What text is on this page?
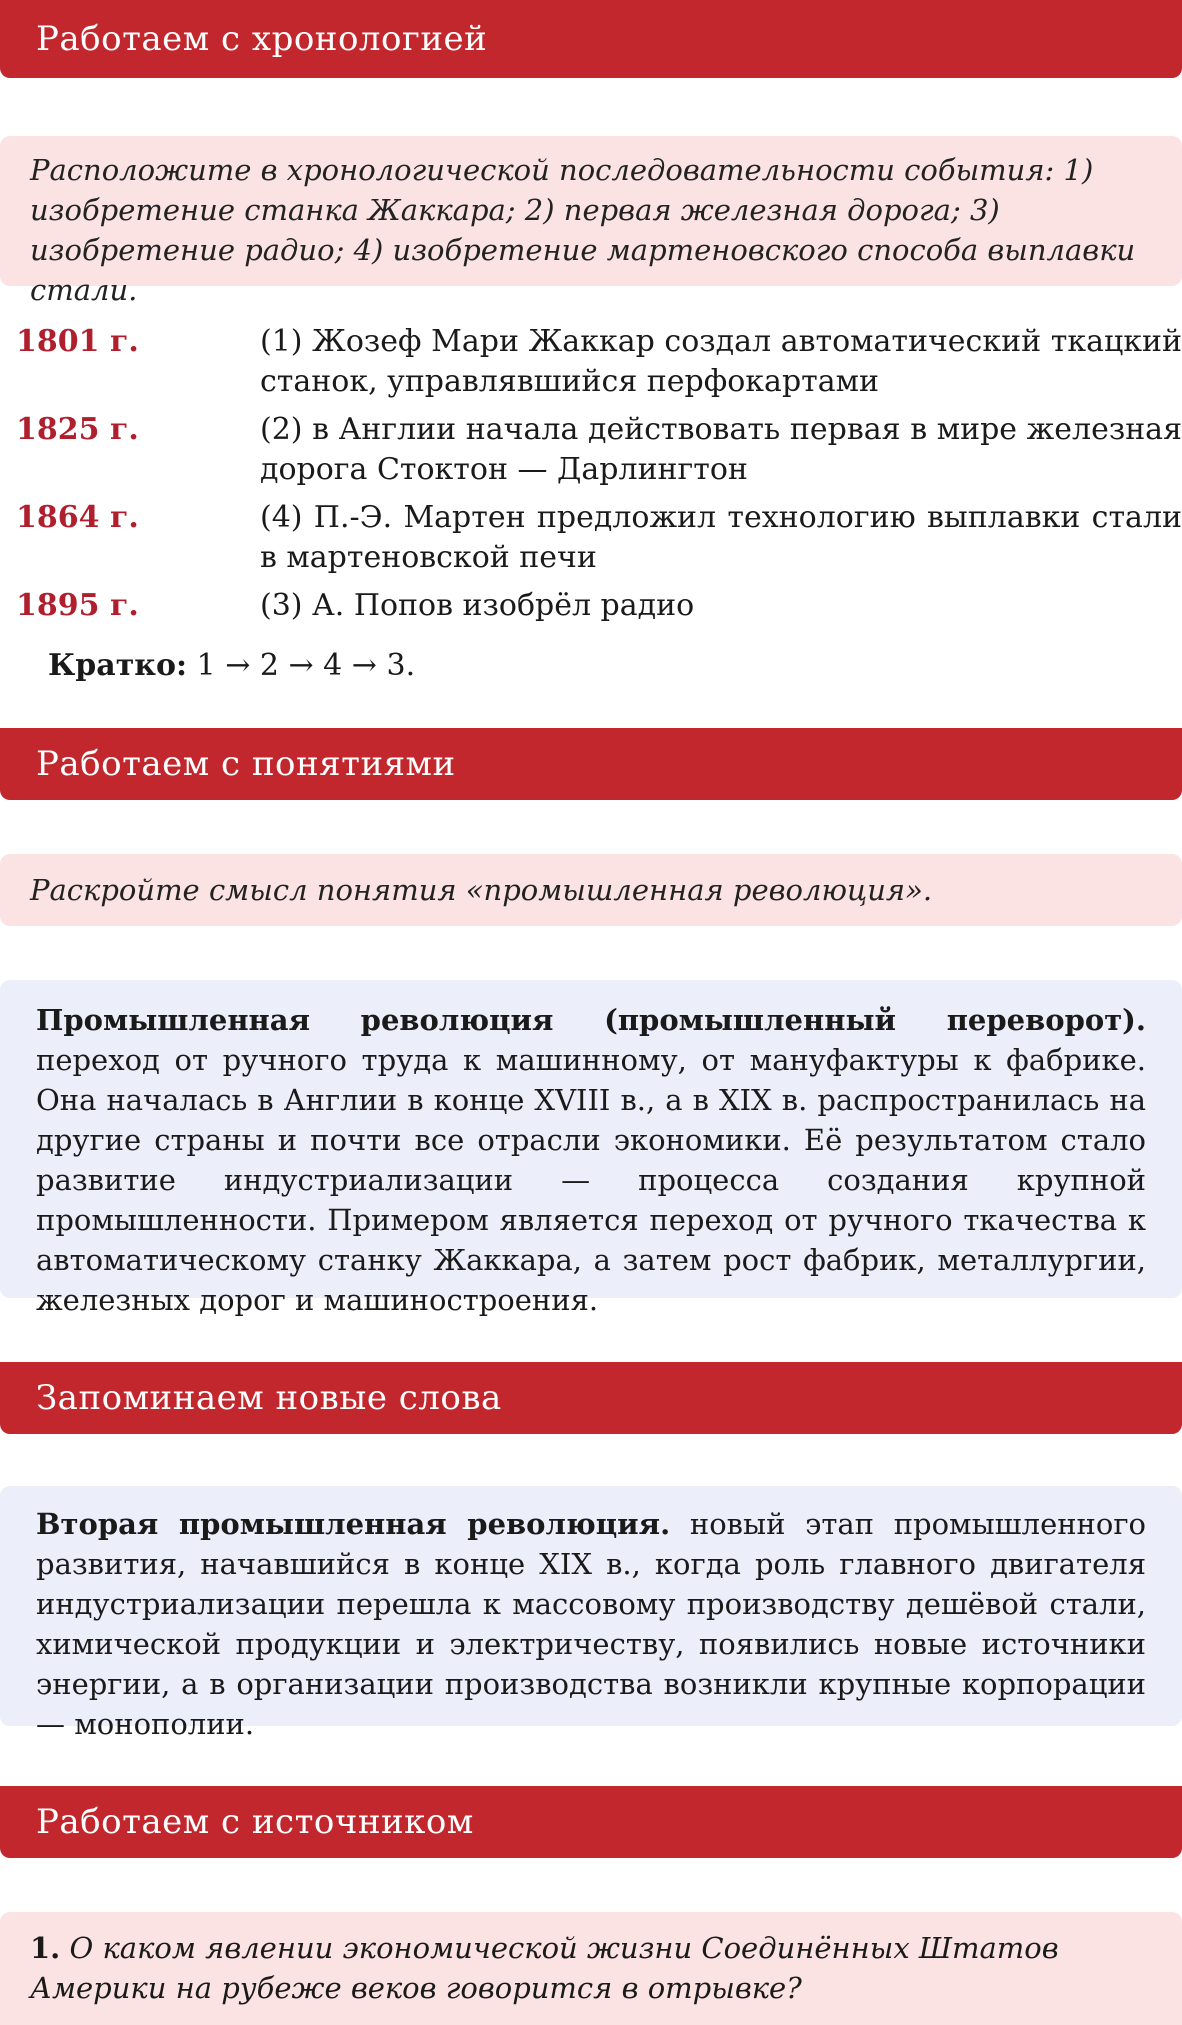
Работаем с хронологией
Расположите в хронологической последовательности события: 1) изобретение станка Жаккара; 2) первая железная дорога; 3) изобретение радио; 4) изобретение мартеновского способа выплавки стали.
1801 г.	(1) Жозеф Мари Жаккар создал автоматический ткацкий станок, управлявшийся перфокартами
1825 г.	(2) в Англии начала действовать первая в мире железная дорога Стоктон — Дарлингтон
1864 г.	(4) П.-Э. Мартен предложил технологию выплавки стали в мартеновской печи
1895 г.	(3) А. Попов изобрёл радио
Кратко: 1 → 2 → 4 → 3.
Работаем с понятиями
Раскройте смысл понятия «промышленная революция».
Промышленная революция (промышленный переворот). переход от ручного труда к машинному, от мануфактуры к фабрике. Она началась в Англии в конце XVIII в., а в XIX в. распространилась на другие страны и почти все отрасли экономики. Её результатом стало развитие индустриализации — процесса создания крупной промышленности. Примером является переход от ручного ткачества к автоматическому станку Жаккара, а затем рост фабрик, металлургии, железных дорог и машиностроения.
Запоминаем новые слова
Вторая промышленная революция. новый этап промышленного развития, начавшийся в конце XIX в., когда роль главного двигателя индустриализации перешла к массовому производству дешёвой стали, химической продукции и электричеству, появились новые источники энергии, а в организации производства возникли крупные корпорации — монополии.
Работаем с источником
1. О каком явлении экономической жизни Соединённых Штатов Америки на рубеже веков говорится в отрывке?
